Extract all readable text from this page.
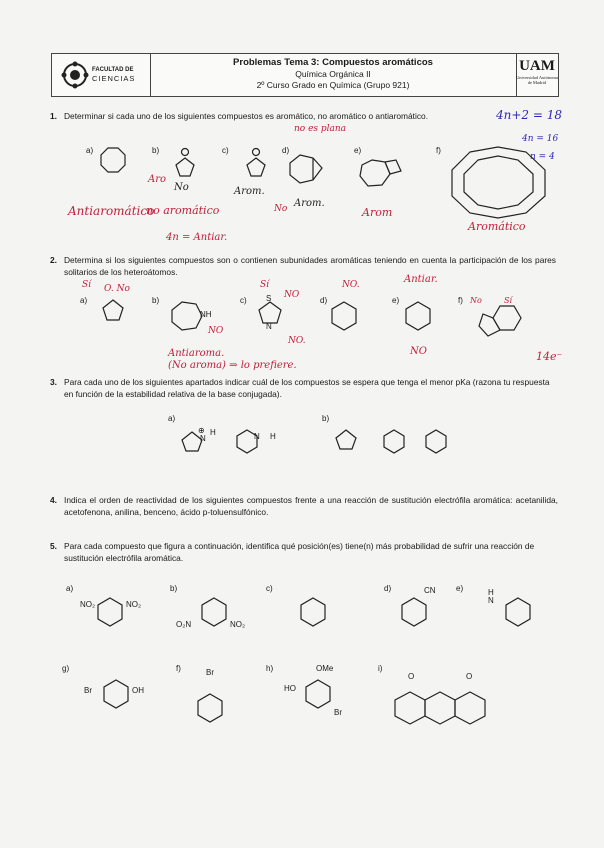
FACULTAD DE
CIENCIAS
Problemas Tema 3: Compuestos aromáticos
Química Orgánica II
2º Curso Grado en Química (Grupo 921)
UAM
Universidad Autónoma
de Madrid
1. Determinar si cada uno de los siguientes compuestos es aromático, no aromático o antiaromático.	4n+2 = 18
4n = 16
n = 4
no es plana
a)	b)	c)	d)	e)	f)
Aro
No
Antiaromático
no aromático
Arom.
No Arom.
Arom
Aromático
4n = Antiar.
2. Determina si los siguientes compuestos son o contienen subunidades aromáticas teniendo en cuenta la participación de los pares solitarios de los heteroátomos.
a)	b)	c)	d)	e)	f)
NH
S
N
Sí O. No
NO
Sí
NO
NO.
NO.	Antiar.
NO
No	Sí
14e⁻
Antiaroma.
(No aroma) ⇒ lo prefiere.
3. Para cada uno de los siguientes apartados indicar cuál de los compuestos se espera que tenga el menor pKa (razona tu respuesta en función de la estabilidad relativa de la base conjugada).
a)	b)
⊕
N
H	N H
4. Indica el orden de reactividad de los siguientes compuestos frente a una reacción de sustitución electrófila aromática: acetanilida, acetofenona, anilina, benceno, ácido p-toluensulfónico.
5. Para cada compuesto que figura a continuación, identifica qué posición(es) tiene(n) más probabilidad de sufrir una reacción de sustitución electrófila aromática.
a)	b)	c)	d)	e)
f)
g)	h)	i)
NO₂	NO₂
O₂N	NO₂
CN
N
H
Br	OH
Br	OMe
HO
Br
O	O
